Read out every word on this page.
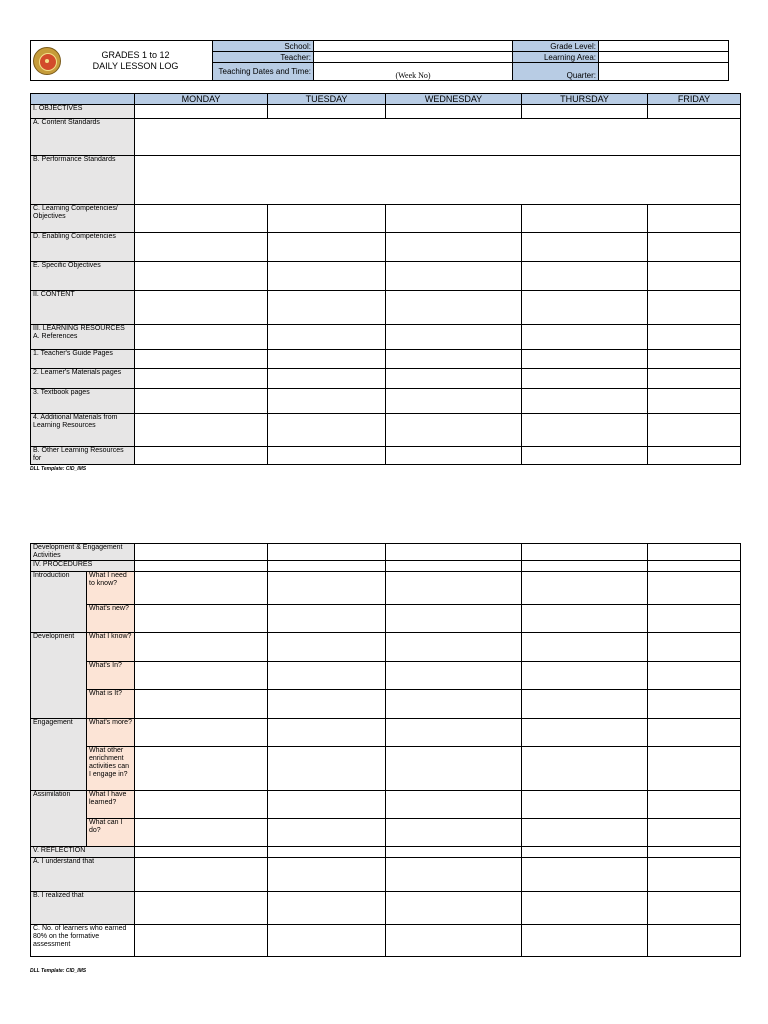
GRADES 1 to 12
DAILY LESSON LOG	School:		Grade Level:	
	Teacher:		Learning Area:	
	Teaching Dates and Time:	(Week No)	Quarter:	
	MONDAY	TUESDAY	WEDNESDAY	THURSDAY	FRIDAY
I. OBJECTIVES					
A. Content Standards					
B. Performance Standards					
C. Learning Competencies/ Objectives					
D. Enabling Competencies					
E. Specific Objectives					
II. CONTENT					

III. LEARNING RESOURCES
A. References					

1. Teacher's Guide Pages					
2. Learner's Materials pages					
3. Textbook pages					
4. Additional Materials from Learning Resources					
B. Other Learning Resources for					
DLL Template: CID_IMS
Development & Engagement Activities						
IV. PROCEDURES						
Introduction	What I need to know?					
	What's new?					
Development	What I know?					
	What's In?					
	What is It?					
Engagement	What's more?					
	What other enrichment activities can I engage in?					
Assimilation	What I have learned?					
	What can I do?					
V. REFLECTION						
A. I understand that						
B. I realized that						
C. No. of learners who earned 80% on the formative assessment						
DLL Template: CID_IMS
